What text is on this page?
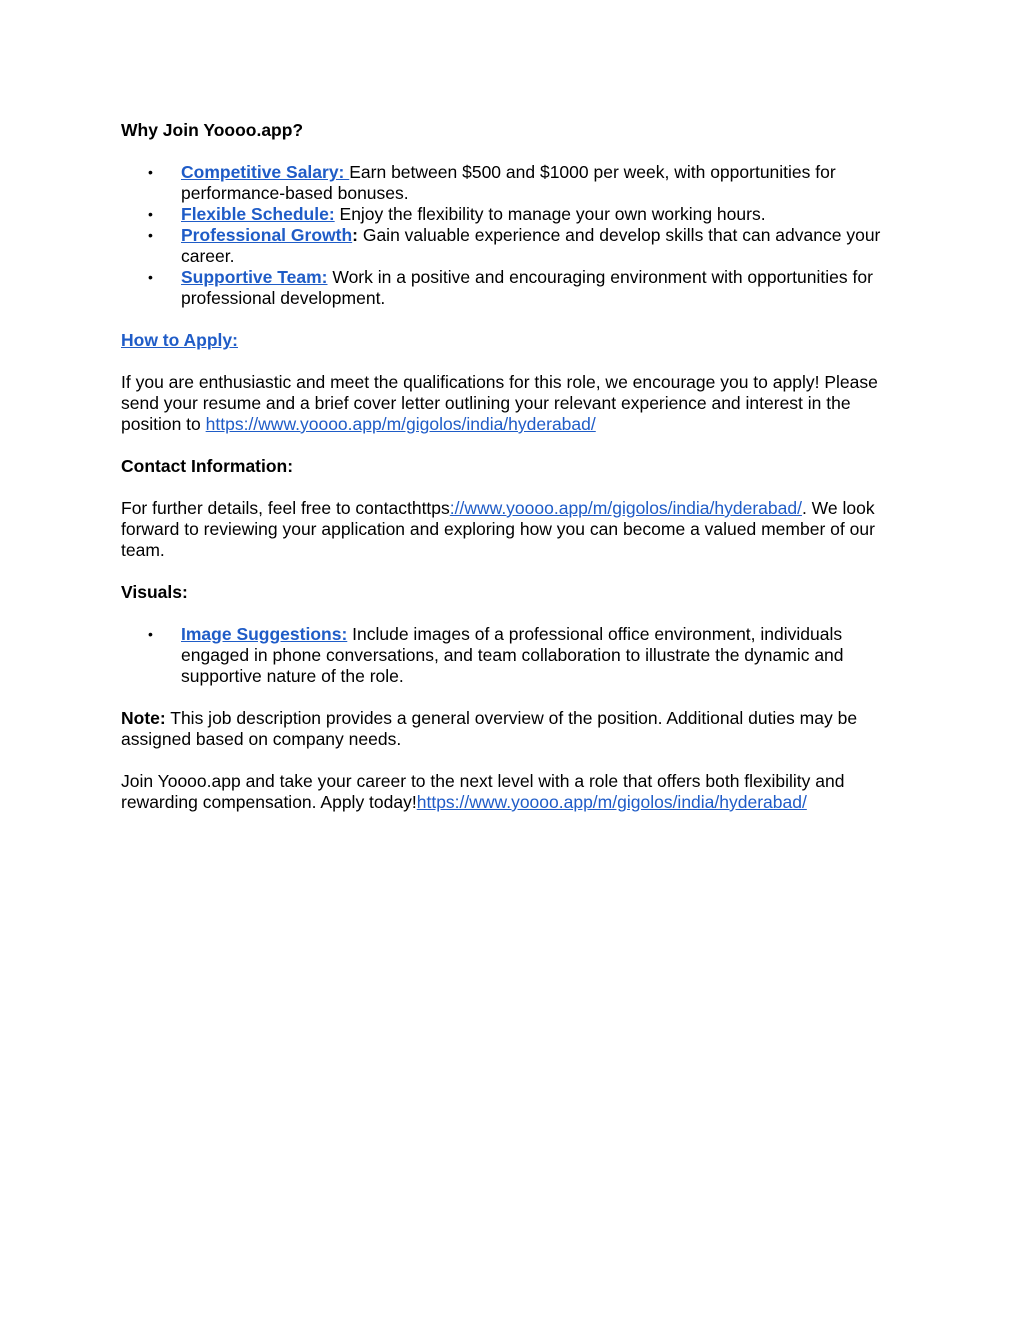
Why Join Yoooo.app?

• Competitive Salary: Earn between $500 and $1000 per week, with opportunities for performance-based bonuses.
• Flexible Schedule: Enjoy the flexibility to manage your own working hours.
• Professional Growth: Gain valuable experience and develop skills that can advance your career.
• Supportive Team: Work in a positive and encouraging environment with opportunities for professional development.

How to Apply:

If you are enthusiastic and meet the qualifications for this role, we encourage you to apply! Please send your resume and a brief cover letter outlining your relevant experience and interest in the position to https://www.yoooo.app/m/gigolos/india/hyderabad/

Contact Information:

For further details, feel free to contacthttps://www.yoooo.app/m/gigolos/india/hyderabad/. We look forward to reviewing your application and exploring how you can become a valued member of our team.

Visuals:

• Image Suggestions: Include images of a professional office environment, individuals engaged in phone conversations, and team collaboration to illustrate the dynamic and supportive nature of the role.

Note: This job description provides a general overview of the position. Additional duties may be assigned based on company needs.

Join Yoooo.app and take your career to the next level with a role that offers both flexibility and rewarding compensation. Apply today!https://www.yoooo.app/m/gigolos/india/hyderabad/
